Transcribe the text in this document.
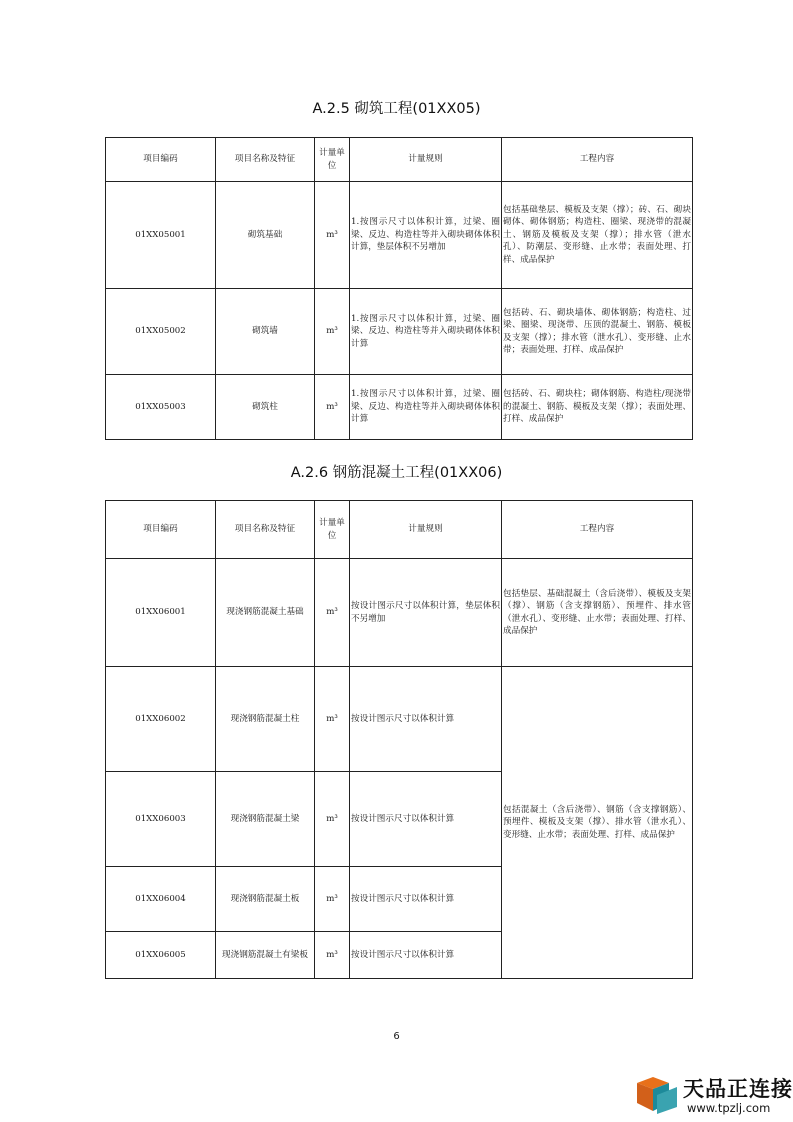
A.2.5 砌筑工程(01XX05)
项目编码	项目名称及特征	计量单位	计量规则	工程内容
01XX05001	砌筑基础	m³	1.按图示尺寸以体积计算，过梁、圈梁、反边、构造柱等并入砌块砌体体积计算，垫层体积不另增加	包括基础垫层、模板及支架（撑）；砖、石、砌块砌体、砌体钢筋；构造柱、圈梁、现浇带的混凝土、钢筋及模板及支架（撑）；排水管（泄水孔）、防潮层、变形缝、止水带；表面处理、打样、成品保护
01XX05002	砌筑墙	m³	1.按图示尺寸以体积计算，过梁、圈梁、反边、构造柱等并入砌块砌体体积计算	包括砖、石、砌块墙体、砌体钢筋；构造柱、过梁、圈梁、现浇带、压顶的混凝土、钢筋、模板及支架（撑）；排水管（泄水孔）、变形缝、止水带；表面处理、打样、成品保护
01XX05003	砌筑柱	m³	1.按图示尺寸以体积计算，过梁、圈梁、反边、构造柱等并入砌块砌体体积计算	包括砖、石、砌块柱；砌体钢筋、构造柱/现浇带的混凝土、钢筋、模板及支架（撑）；表面处理、打样、成品保护
A.2.6 钢筋混凝土工程(01XX06)
项目编码	项目名称及特征	计量单位	计量规则	工程内容
01XX06001	现浇钢筋混凝土基础	m³	按设计图示尺寸以体积计算，垫层体积不另增加	包括垫层、基础混凝土（含后浇带）、模板及支架（撑）、钢筋（含支撑钢筋）、预埋件、排水管（泄水孔）、变形缝、止水带；表面处理、打样、成品保护
01XX06002	现浇钢筋混凝土柱	m³	按设计图示尺寸以体积计算	包括混凝土（含后浇带）、钢筋（含支撑钢筋）、预埋件、模板及支架（撑）、排水管（泄水孔）、变形缝、止水带；表面处理、打样、成品保护
01XX06003	现浇钢筋混凝土梁	m³	按设计图示尺寸以体积计算	
01XX06004	现浇钢筋混凝土板	m³	按设计图示尺寸以体积计算	
01XX06005	现浇钢筋混凝土有梁板	m³	按设计图示尺寸以体积计算	
6
天品正连接
www.tpzlj.com
